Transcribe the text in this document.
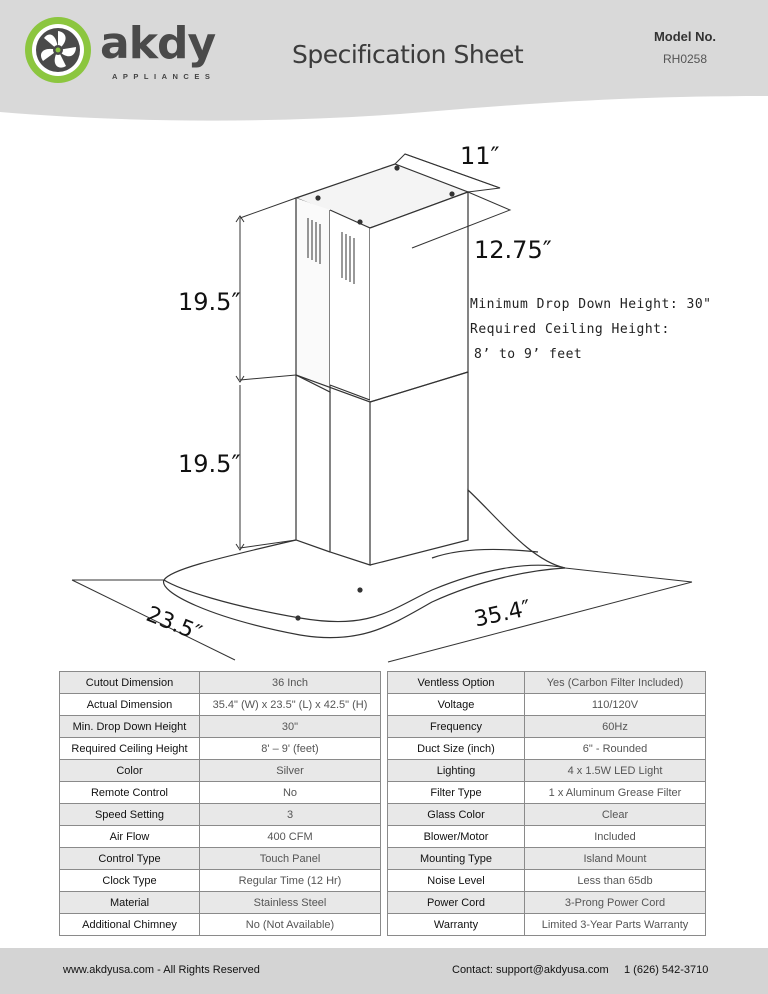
akdy
APPLIANCES
Specification Sheet
Model No.
RH0258
11″
12.75″
19.5″
19.5″
23.5″	35.4″
Minimum Drop Down Height: 30"
Required Ceiling Height:
8’ to 9’ feet
Cutout Dimension	36 Inch
Actual Dimension	35.4" (W) x 23.5" (L) x 42.5" (H)
Min. Drop Down Height	30"
Required Ceiling Height	8' – 9' (feet)
Color	Silver
Remote Control	No
Speed Setting	3
Air Flow	400 CFM
Control Type	Touch Panel
Clock Type	Regular Time (12 Hr)
Material	Stainless Steel
Additional Chimney	No (Not Available)
Ventless Option	Yes (Carbon Filter Included)
Voltage	110/120V
Frequency	60Hz
Duct Size (inch)	6" - Rounded
Lighting	4 x 1.5W LED Light
Filter Type	1 x Aluminum Grease Filter
Glass Color	Clear
Blower/Motor	Included
Mounting Type	Island Mount
Noise Level	Less than 65db
Power Cord	3-Prong Power Cord
Warranty	Limited 3-Year Parts Warranty
www.akdyusa.com - All Rights Reserved	Contact: support@akdyusa.com 1 (626) 542-3710
